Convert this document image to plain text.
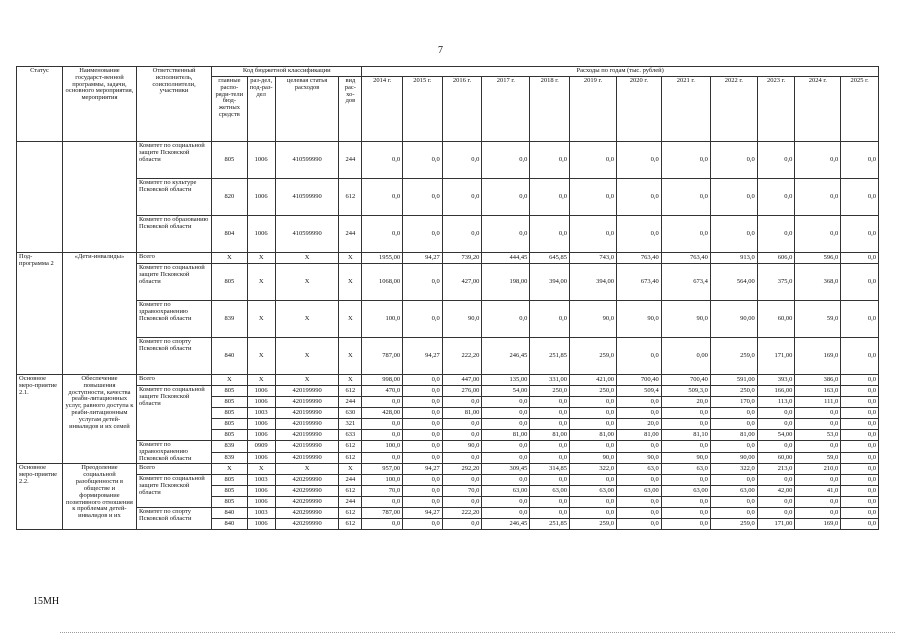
7
Статус	Наименование государст-венной программы, задачи, основного мероприятия, мероприятия	Ответственный исполнитель, соисполнители, участники	Код бюджетной классификации				Расходы по годам (тыс. рублей)											
			главные распо-ряди-тели бюд-жетных средств	раз-дел, под-раз-дел	целевая статья расходов	вид рас-хо-дов	2014 г.	2015 г.	2016 г.	2017 г.	2018 г.	2019 г.	2020 г.	2021 г.	2022 г.	2023 г.	2024 г.	2025 г.
		Комитет по социальной защите Псковской области	805	1006	410599990	244	0,0	0,0	0,0	0,0	0,0	0,0	0,0	0,0	0,0	0,0	0,0	0,0
		Комитет по культуре Псковской области	820	1006	410599990	612	0,0	0,0	0,0	0,0	0,0	0,0	0,0	0,0	0,0	0,0	0,0	0,0
		Комитет по образованию Псковской области	804	1006	410599990	244	0,0	0,0	0,0	0,0	0,0	0,0	0,0	0,0	0,0	0,0	0,0	0,0
Под-программа 2	«Дети-инвалиды»	Всего	Х	Х	Х	Х	1955,00	94,27	739,20	444,45	645,85	743,0	763,40	763,40	913,0	606,0	596,0	0,0
		Комитет по социальной защите Псковской области	805	Х	Х	Х	1068,00	0,0	427,00	198,00	394,00	394,00	673,40	673,4	564,00	375,0	368,0	0,0
		Комитет по здравоохранению Псковской области	839	Х	Х	Х	100,0	0,0	90,0	0,0	0,0	90,0	90,0	90,0	90,00	60,00	59,0	0,0
		Комитет по спорту Псковской области	840	Х	Х	Х	787,00	94,27	222,20	246,45	251,85	259,0	0,0	0,00	259,0	171,00	169,0	0,0
Основное меро-приятие 2.1.	Обеспечение повышения доступности, качества реаби-литационных услуг, равного доступа к реаби-литационным услугам детей-инвалидов и их семей	Всего	Х	Х	Х	Х	998,00	0,0	447,00	135,00	331,00	421,00	700,40	700,40	591,00	393,0	386,0	0,0
		Комитет по социальной защите Псковской области	805	1006	420199990	612	470,0	0,0	276,00	54,00	250,0	250,0	509,4	509,3,0	250,0	166,00	163,0	0,0
			805	1006	420199990	244	0,0	0,0	0,0	0,0	0,0	0,0	0,0	20,0	170,0	113,0	111,0	0,0
			805	1003	420199990	630	428,00	0,0	81,00	0,0	0,0	0,0	0,0	0,0	0,0	0,0	0,0	0,0
			805	1006	420199990	321	0,0	0,0	0,0	0,0	0,0	0,0	20,0	0,0	0,0	0,0	0,0	0,0
			805	1006	420199990	633	0,0	0,0	0,0	81,00	81,00	81,00	81,00	81,10	81,00	54,00	53,0	0,0
		Комитет по здравоохранению Псковской области	839	0909	420199990	612	100,0	0,0	90,0	0,0	0,0	0,0	0,0	0,0	0,0	0,0	0,0	0,0
			839	1006	420199990	612	0,0	0,0	0,0	0,0	0,0	90,0	90,0	90,0	90,00	60,00	59,0	0,0
Основное меро-приятие 2.2.	Преодоление социальной разобщенности в обществе и формирование позитивного отношения к проблемам детей-инвалидов и их	Всего	Х	Х	Х	Х	957,00	94,27	292,20	309,45	314,85	322,0	63,0	63,0	322,0	213,0	210,0	0,0
		Комитет по социальной защите Псковской области	805	1003	420299990	244	100,0	0,0	0,0	0,0	0,0	0,0	0,0	0,0	0,0	0,0	0,0	0,0
			805	1006	420299990	612	70,0	0,0	70,0	63,00	63,00	63,00	63,00	63,00	63,00	42,00	41,0	0,0
			805	1006	420299990	244	0,0	0,0	0,0	0,0	0,0	0,0	0,0	0,0	0,0	0,0	0,0	0,0
		Комитет по спорту Псковской области	840	1003	420299990	612	787,00	94,27	222,20	0,0	0,0	0,0	0,0	0,0	0,0	0,0	0,0	0,0
			840	1006	420299990	612	0,0	0,0	0,0	246,45	251,85	259,0	0,0	0,0	259,0	171,00	169,0	0,0
15МН
